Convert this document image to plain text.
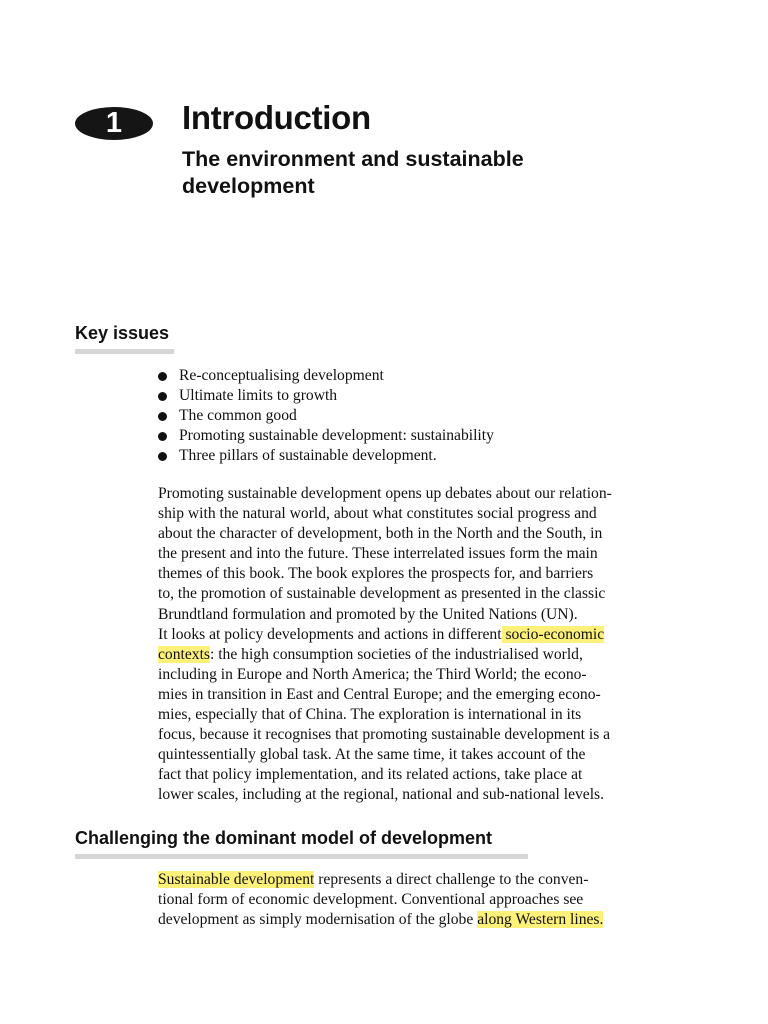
1	Introduction
The environment and sustainable
development
Key issues
Re-conceptualising development
Ultimate limits to growth
The common good
Promoting sustainable development: sustainability
Three pillars of sustainable development.

Promoting sustainable development opens up debates about our relation-
ship with the natural world, about what constitutes social progress and
about the character of development, both in the North and the South, in
the present and into the future. These interrelated issues form the main
themes of this book. The book explores the prospects for, and barriers
to, the promotion of sustainable development as presented in the classic
Brundtland formulation and promoted by the United Nations (UN).
It looks at policy developments and actions in different socio-economic
contexts: the high consumption societies of the industrialised world,
including in Europe and North America; the Third World; the econo-
mies in transition in East and Central Europe; and the emerging econo-
mies, especially that of China. The exploration is international in its
focus, because it recognises that promoting sustainable development is a
quintessentially global task. At the same time, it takes account of the
fact that policy implementation, and its related actions, take place at
lower scales, including at the regional, national and sub-national levels.

Challenging the dominant model of development

Sustainable development represents a direct challenge to the conven-
tional form of economic development. Conventional approaches see
development as simply modernisation of the globe along Western lines.
